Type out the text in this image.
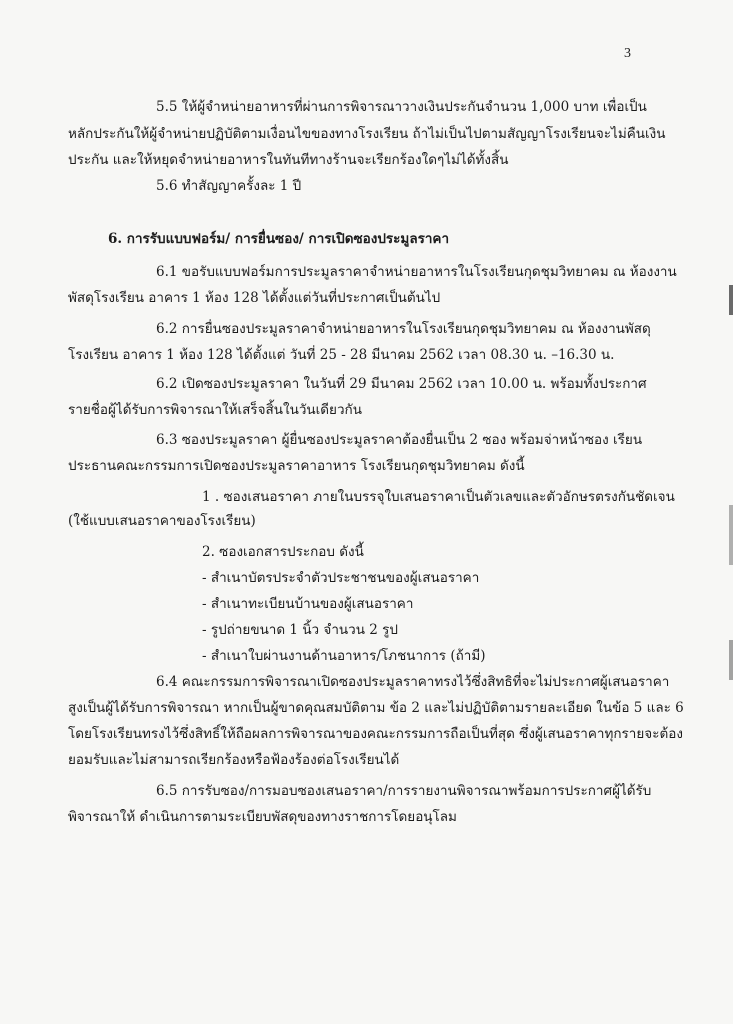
3

5.5 ให้ผู้จำหน่ายอาหารที่ผ่านการพิจารณาวางเงินประกันจำนวน 1,000 บาท เพื่อเป็น

หลักประกันให้ผู้จำหน่ายปฏิบัติตามเงื่อนไขของทางโรงเรียน ถ้าไม่เป็นไปตามสัญญาโรงเรียนจะไม่คืนเงิน

ประกัน และให้หยุดจำหน่ายอาหารในทันทีทางร้านจะเรียกร้องใดๆไม่ได้ทั้งสิ้น

5.6 ทำสัญญาครั้งละ 1 ปี

6. การรับแบบฟอร์ม/ การยื่นซอง/ การเปิดซองประมูลราคา

6.1 ขอรับแบบฟอร์มการประมูลราคาจำหน่ายอาหารในโรงเรียนกุดชุมวิทยาคม ณ ห้องงาน

พัสดุโรงเรียน อาคาร 1 ห้อง 128 ได้ตั้งแต่วันที่ประกาศเป็นต้นไป

6.2 การยื่นซองประมูลราคาจำหน่ายอาหารในโรงเรียนกุดชุมวิทยาคม ณ ห้องงานพัสดุ

โรงเรียน อาคาร 1 ห้อง 128 ได้ตั้งแต่ วันที่ 25 - 28 มีนาคม 2562 เวลา 08.30 น. –16.30 น.

6.2 เปิดซองประมูลราคา ในวันที่ 29 มีนาคม 2562 เวลา 10.00 น. พร้อมทั้งประกาศ

รายชื่อผู้ได้รับการพิจารณาให้เสร็จสิ้นในวันเดียวกัน

6.3 ซองประมูลราคา ผู้ยื่นซองประมูลราคาต้องยื่นเป็น 2 ซอง พร้อมจ่าหน้าซอง เรียน

ประธานคณะกรรมการเปิดซองประมูลราคาอาหาร โรงเรียนกุดชุมวิทยาคม ดังนี้

1 . ซองเสนอราคา ภายในบรรจุใบเสนอราคาเป็นตัวเลขและตัวอักษรตรงกันชัดเจน

(ใช้แบบเสนอราคาของโรงเรียน)

2. ซองเอกสารประกอบ ดังนี้

- สำเนาบัตรประจำตัวประชาชนของผู้เสนอราคา

- สำเนาทะเบียนบ้านของผู้เสนอราคา

- รูปถ่ายขนาด 1 นิ้ว จำนวน 2 รูป

- สำเนาใบผ่านงานด้านอาหาร/โภชนาการ (ถ้ามี)

6.4 คณะกรรมการพิจารณาเปิดซองประมูลราคาทรงไว้ซึ่งสิทธิที่จะไม่ประกาศผู้เสนอราคา

สูงเป็นผู้ได้รับการพิจารณา หากเป็นผู้ขาดคุณสมบัติตาม ข้อ 2 และไม่ปฏิบัติตามรายละเอียด ในข้อ 5 และ 6

โดยโรงเรียนทรงไว้ซึ่งสิทธิ์ให้ถือผลการพิจารณาของคณะกรรมการถือเป็นที่สุด ซึ่งผู้เสนอราคาทุกรายจะต้อง

ยอมรับและไม่สามารถเรียกร้องหรือฟ้องร้องต่อโรงเรียนได้

6.5 การรับซอง/การมอบซองเสนอราคา/การรายงานพิจารณาพร้อมการประกาศผู้ได้รับ

พิจารณาให้ ดำเนินการตามระเบียบพัสดุของทางราชการโดยอนุโลม
